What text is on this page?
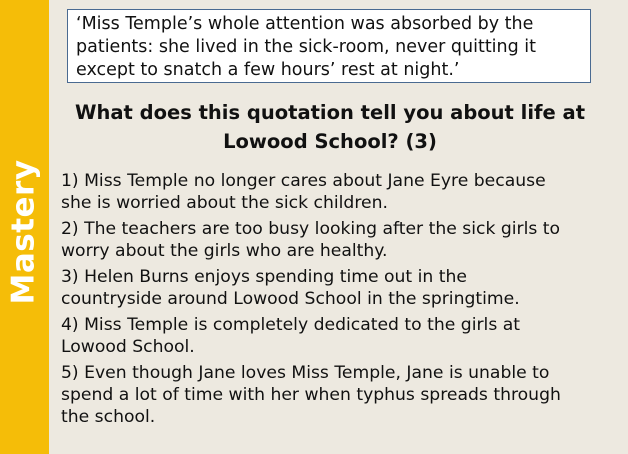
Mastery
‘Miss Temple’s whole attention was absorbed by the
patients: she lived in the sick-room, never quitting it
except to snatch a few hours’ rest at night.’
What does this quotation tell you about life at
Lowood School? (3)
1) Miss Temple no longer cares about Jane Eyre because
she is worried about the sick children.
2) The teachers are too busy looking after the sick girls to
worry about the girls who are healthy.
3) Helen Burns enjoys spending time out in the
countryside around Lowood School in the springtime.
4) Miss Temple is completely dedicated to the girls at
Lowood School.
5) Even though Jane loves Miss Temple, Jane is unable to
spend a lot of time with her when typhus spreads through
the school.
